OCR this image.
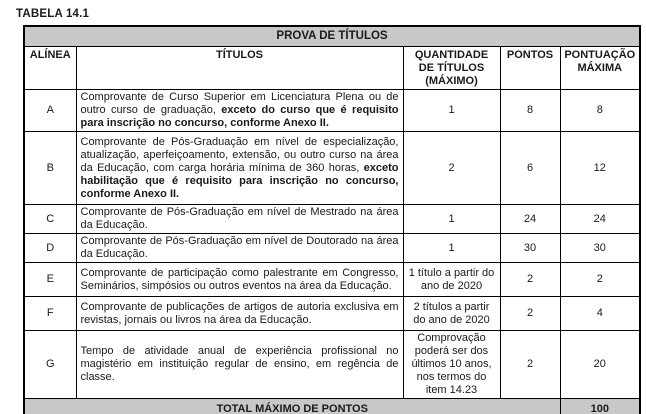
TABELA 14.1
PROVA DE TÍTULOS				
ALÍNEA	TÍTULOS	QUANTIDADE DE TÍTULOS (MÁXIMO)	PONTOS	PONTUAÇÃO MÁXIMA
A	Comprovante de Curso Superior em Licenciatura Plena ou de outro curso de graduação, exceto do curso que é requisito para inscrição no concurso, conforme Anexo II.	1	8	8
B	Comprovante de Pós-Graduação em nível de especialização, atualização, aperfeiçoamento, extensão, ou outro curso na área da Educação, com carga horária mínima de 360 horas, exceto habilitação que é requisito para inscrição no concurso, conforme Anexo II.	2	6	12
C	Comprovante de Pós-Graduação em nível de Mestrado na área da Educação.	1	24	24
D	Comprovante de Pós-Graduação em nível de Doutorado na área da Educação.	1	30	30
E	Comprovante de participação como palestrante em Congresso, Seminários, simpósios ou outros eventos na área da Educação.	1 título a partir do ano de 2020	2	2
F	Comprovante de publicações de artigos de autoria exclusiva em revistas, jornais ou livros na área da Educação.	2 títulos a partir do ano de 2020	2	4
G	Tempo de atividade anual de experiência profissional no magistério em instituição regular de ensino, em regência de classe.	Comprovação poderá ser dos últimos 10 anos, nos termos do item 14.23	2	20
TOTAL MÁXIMO DE PONTOS				100
